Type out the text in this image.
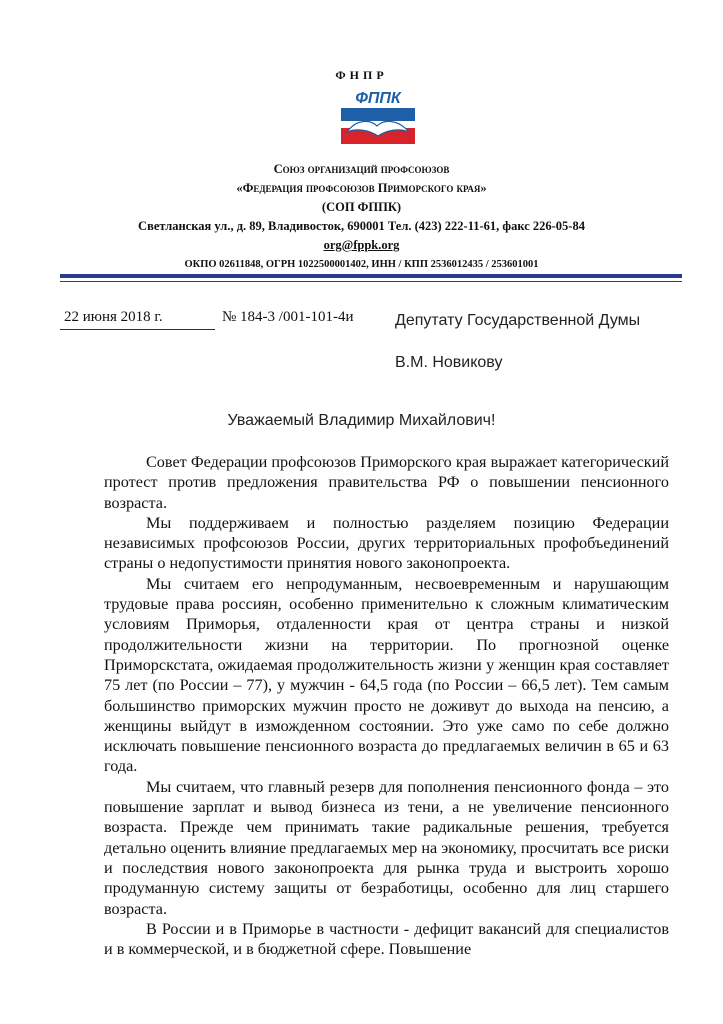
ФНПР
ФППК
Союз организаций профсоюзов
«Федерация профсоюзов Приморского края»
(СОП ФППК)
Светланская ул., д. 89, Владивосток, 690001 Тел. (423) 222-11-61, факс 226-05-84
org@fppk.org
ОКПО 02611848, ОГРН 1022500001402, ИНН / КПП 2536012435 / 253601001
22 июня 2018 г.	№ 184-3 /001-101-4и	Депутату Государственной Думы
В.М. Новикову
Уважаемый Владимир Михайлович!

Совет Федерации профсоюзов Приморского края выражает категорический протест против предложения правительства РФ о повышении пенсионного возраста.

Мы поддерживаем и полностью разделяем позицию Федерации независимых профсоюзов России, других территориальных профобъединений страны о недопустимости принятия нового законопроекта.

Мы считаем его непродуманным, несвоевременным и нарушающим трудовые права россиян, особенно применительно к сложным климатическим условиям Приморья, отдаленности края от центра страны и низкой продолжительности жизни на территории. По прогнозной оценке Приморскстата, ожидаемая продолжительность жизни у женщин края составляет 75 лет (по России – 77), у мужчин - 64,5 года (по России – 66,5 лет). Тем самым большинство приморских мужчин просто не доживут до выхода на пенсию, а женщины выйдут в изможденном состоянии. Это уже само по себе должно исключать повышение пенсионного возраста до предлагаемых величин в 65 и 63 года.

Мы считаем, что главный резерв для пополнения пенсионного фонда – это повышение зарплат и вывод бизнеса из тени, а не увеличение пенсионного возраста. Прежде чем принимать такие радикальные решения, требуется детально оценить влияние предлагаемых мер на экономику, просчитать все риски и последствия нового законопроекта для рынка труда и выстроить хорошо продуманную систему защиты от безработицы, особенно для лиц старшего возраста.

В России и в Приморье в частности - дефицит вакансий для специалистов и в коммерческой, и в бюджетной сфере. Повышение
